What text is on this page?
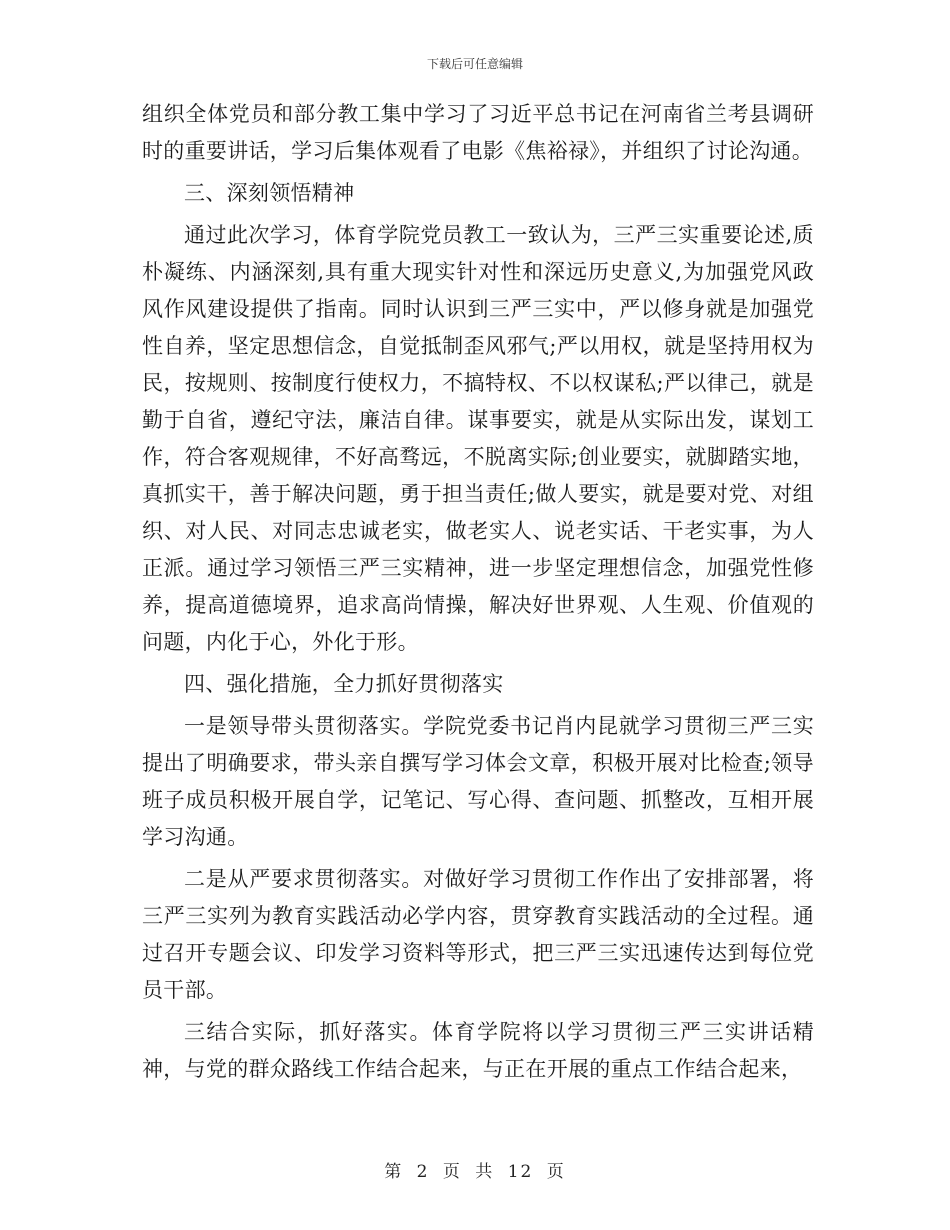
下载后可任意编辑

组织全体党员和部分教工集中学习了习近平总书记在河南省兰考县调研时的重要讲话，学习后集体观看了电影《焦裕禄》，并组织了讨论沟通。

三、深刻领悟精神

通过此次学习，体育学院党员教工一致认为，三严三实重要论述,质朴凝练、内涵深刻,具有重大现实针对性和深远历史意义,为加强党风政风作风建设提供了指南。同时认识到三严三实中，严以修身就是加强党性自养，坚定思想信念，自觉抵制歪风邪气;严以用权，就是坚持用权为民，按规则、按制度行使权力，不搞特权、不以权谋私;严以律己，就是勤于自省，遵纪守法，廉洁自律。谋事要实，就是从实际出发，谋划工作，符合客观规律，不好高骛远，不脱离实际;创业要实，就脚踏实地，真抓实干，善于解决问题，勇于担当责任;做人要实，就是要对党、对组织、对人民、对同志忠诚老实，做老实人、说老实话、干老实事，为人正派。通过学习领悟三严三实精神，进一步坚定理想信念，加强党性修养，提高道德境界，追求高尚情操，解决好世界观、人生观、价值观的问题，内化于心，外化于形。

四、强化措施，全力抓好贯彻落实

一是领导带头贯彻落实。学院党委书记肖内昆就学习贯彻三严三实提出了明确要求，带头亲自撰写学习体会文章，积极开展对比检查;领导班子成员积极开展自学，记笔记、写心得、查问题、抓整改，互相开展学习沟通。

二是从严要求贯彻落实。对做好学习贯彻工作作出了安排部署，将三严三实列为教育实践活动必学内容，贯穿教育实践活动的全过程。通过召开专题会议、印发学习资料等形式，把三严三实迅速传达到每位党员干部。

三结合实际，抓好落实。体育学院将以学习贯彻三严三实讲话精神，与党的群众路线工作结合起来，与正在开展的重点工作结合起来，

第 2 页 共 12 页
